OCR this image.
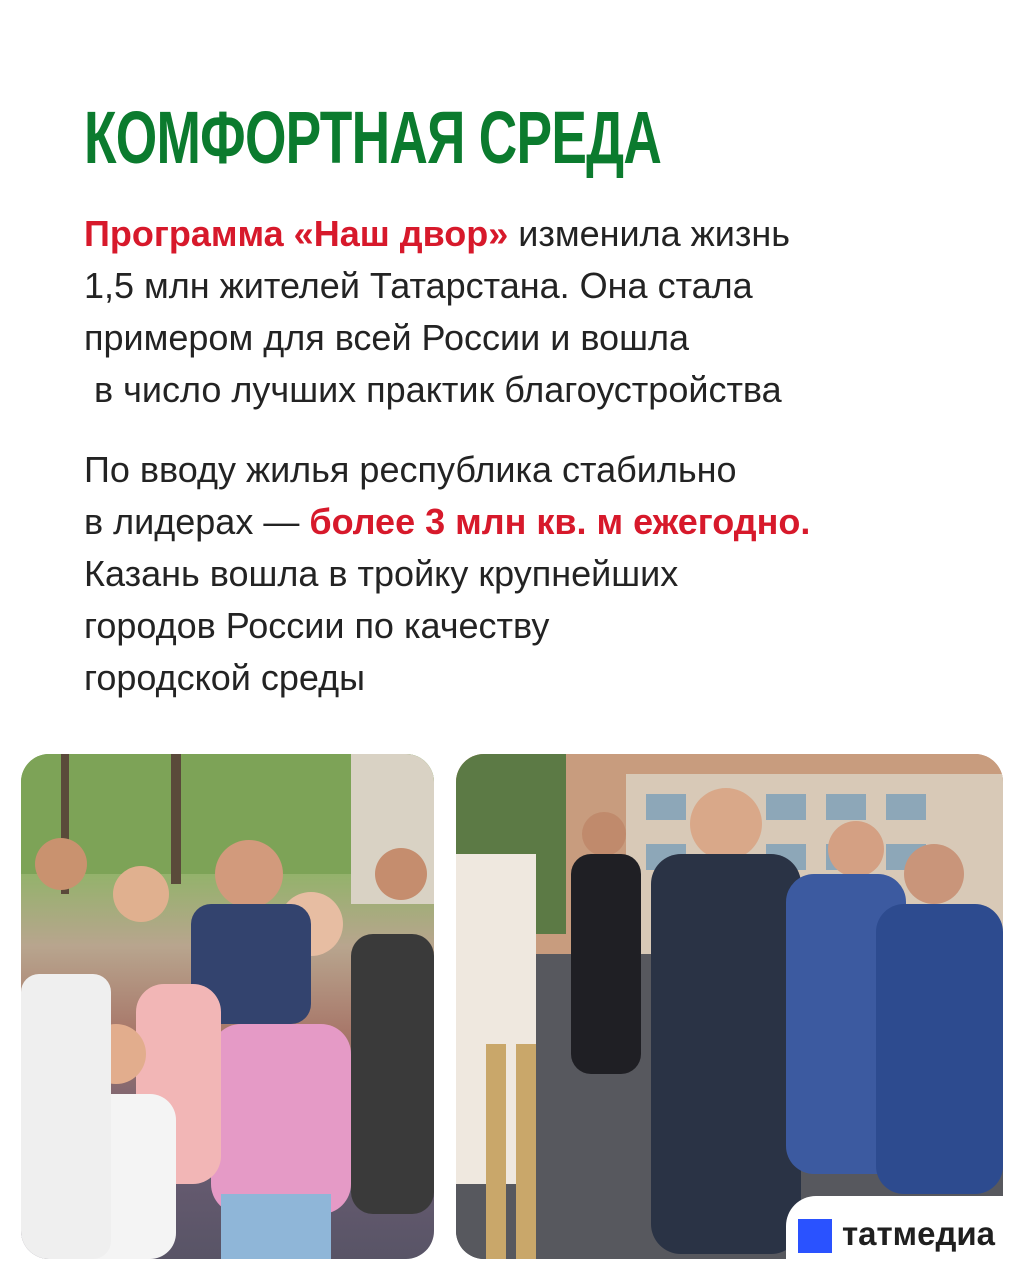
КОМФОРТНАЯ СРЕДА

Программа «Наш двор» изменила жизнь
1,5 млн жителей Татарстана. Она стала
примером для всей России и вошла
в число лучших практик благоустройства

По вводу жилья республика стабильно
в лидерах — более 3 млн кв. м ежегодно.
Казань вошла в тройку крупнейших
городов России по качеству
городской среды

татмедиа
